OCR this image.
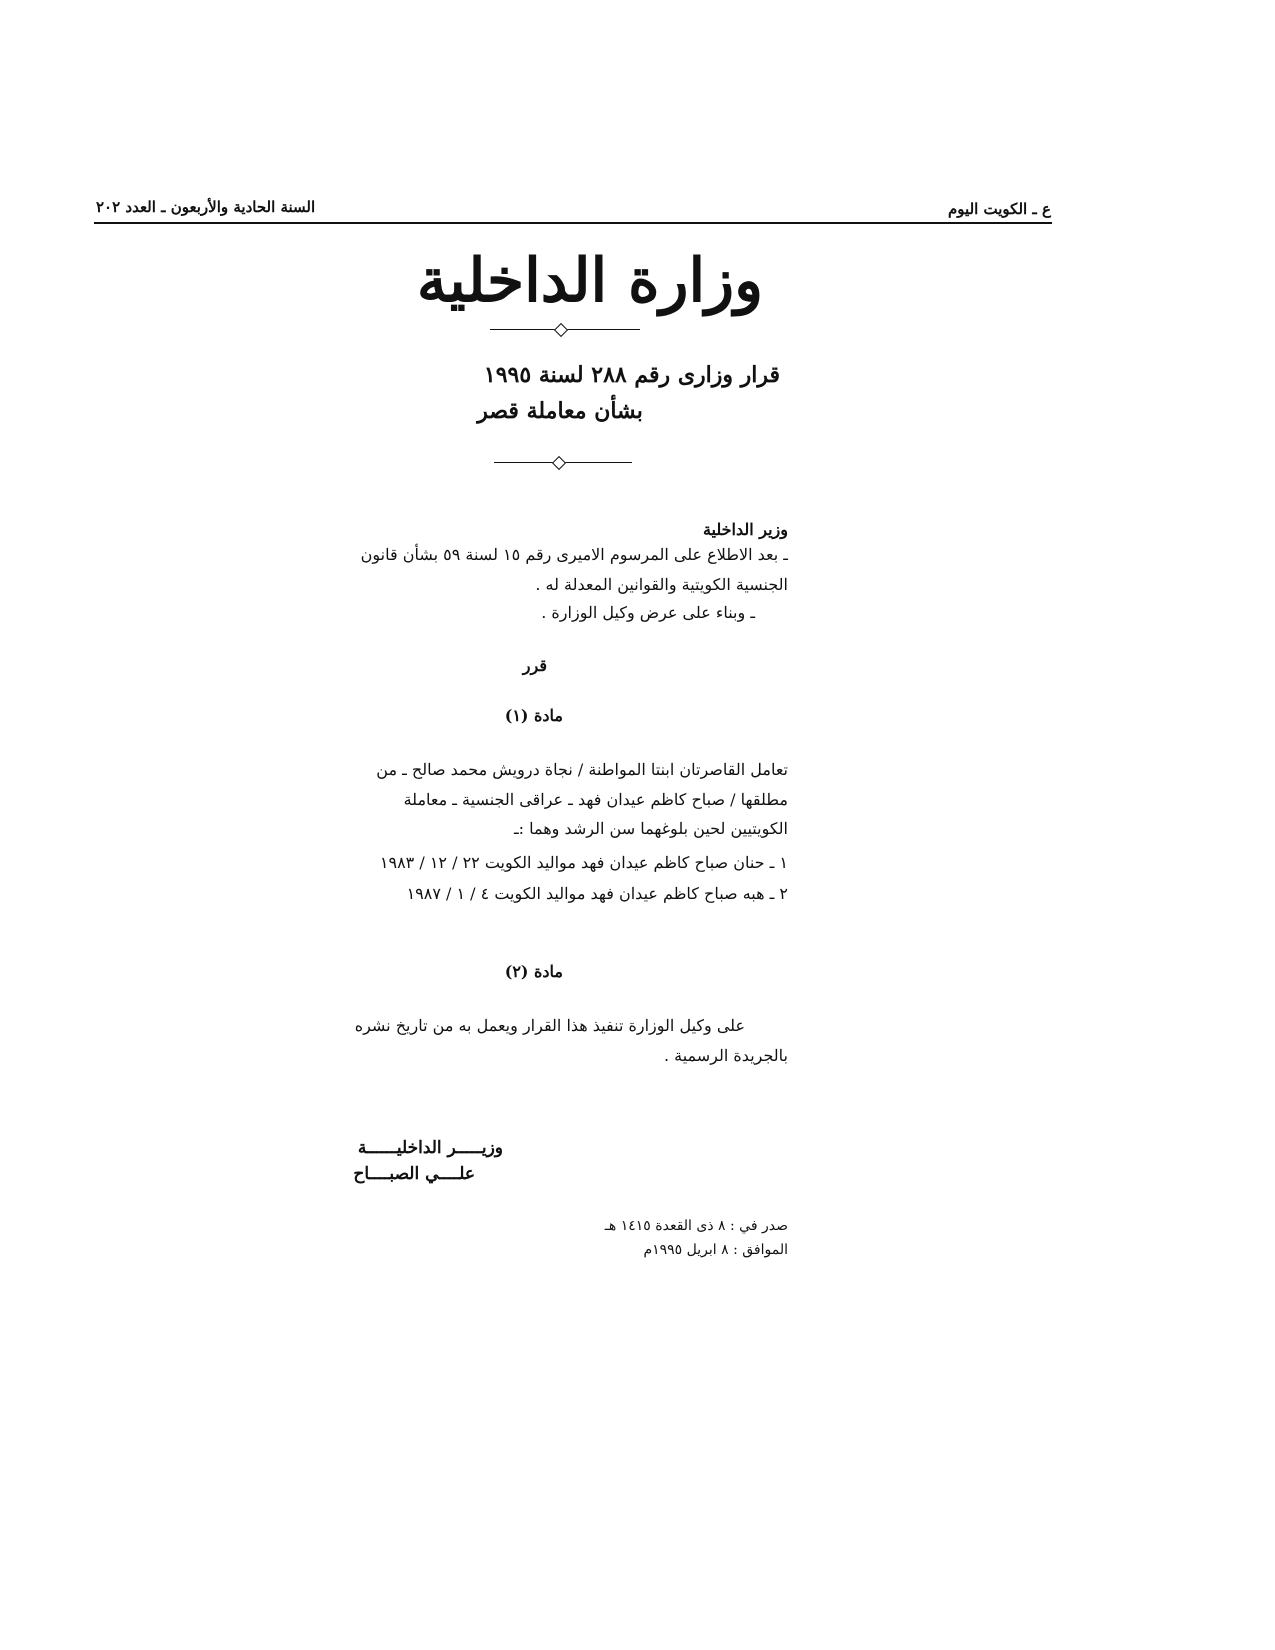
السنة الحادية والأربعون ـ العدد ٢٠٢	ع ـ الكويت اليوم
وزارة الداخلية
قرار وزارى رقم ٢٨٨ لسنة ١٩٩٥
بشأن معاملة قصر
وزير الداخلية
ـ بعد الاطلاع على المرسوم الاميرى رقم ١٥ لسنة ٥٩ بشأن قانون
الجنسية الكويتية والقوانين المعدلة له .
ـ وبناء على عرض وكيل الوزارة .
قرر
مادة (١)
تعامل القاصرتان ابنتا المواطنة / نجاة درويش محمد صالح ـ من
مطلقها / صباح كاظم عيدان فهد ـ عراقى الجنسية ـ معاملة
الكويتيين لحين بلوغهما سن الرشد وهما :ـ
١ ـ حنان صباح كاظم عيدان فهد مواليد الكويت ٢٢ / ١٢ / ١٩٨٣
٢ ـ هبه صباح كاظم عيدان فهد مواليد الكويت ٤ / ١ / ١٩٨٧
مادة (٢)
على وكيل الوزارة تنفيذ هذا القرار ويعمل به من تاريخ نشره
بالجريدة الرسمية .
وزيـــــر الداخليــــــة
علــــي الصبــــاح
صدر في : ٨ ذى القعدة ١٤١٥ هـ
الموافق : ٨ ابريل ١٩٩٥م
